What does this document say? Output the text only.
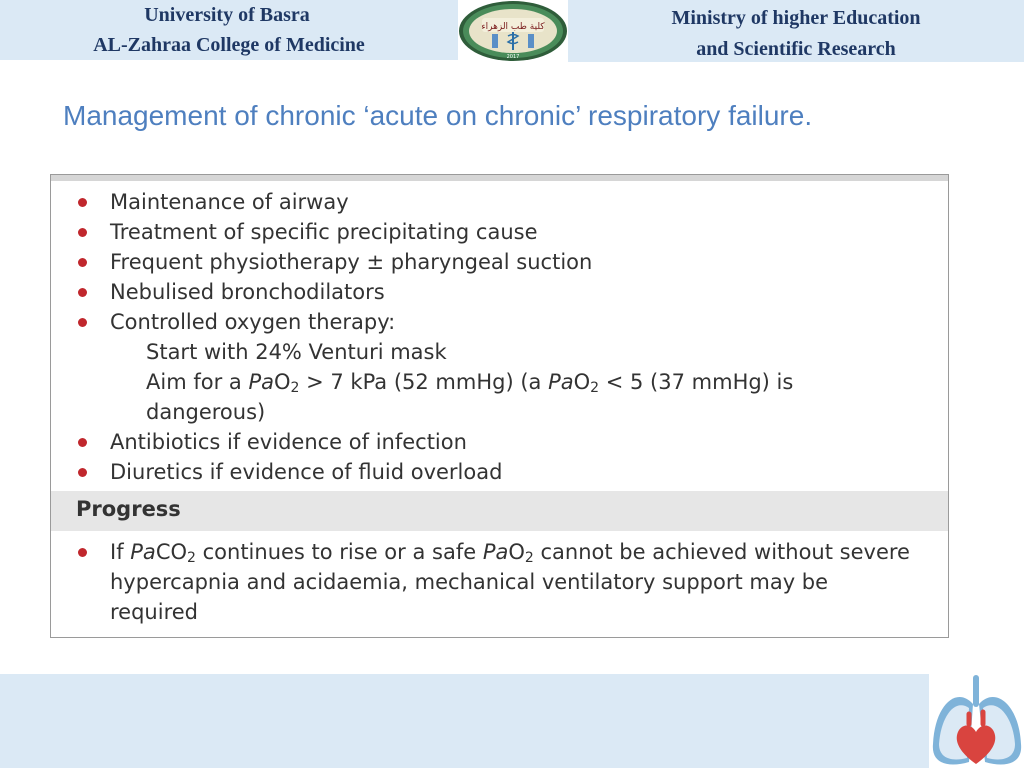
University of Basra
AL-Zahraa College of Medicine
كلية طب الزهراء
2017
Ministry of higher Education
and Scientific Research
Management of chronic ‘acute on chronic’ respiratory failure.
Maintenance of airway
Treatment of specific precipitating cause
Frequent physiotherapy ± pharyngeal suction
Nebulised bronchodilators
Controlled oxygen therapy:
Start with 24% Venturi mask
Aim for a PaO$_2$ > 7 kPa (52 mmHg) (a PaO$_2$ < 5 (37 mmHg) is
dangerous)
Antibiotics if evidence of infection
Diuretics if evidence of fluid overload
Progress
If PaCO$_2$ continues to rise or a safe PaO$_2$ cannot be achieved without severe hypercapnia and acidaemia, mechanical ventilatory support may be required
